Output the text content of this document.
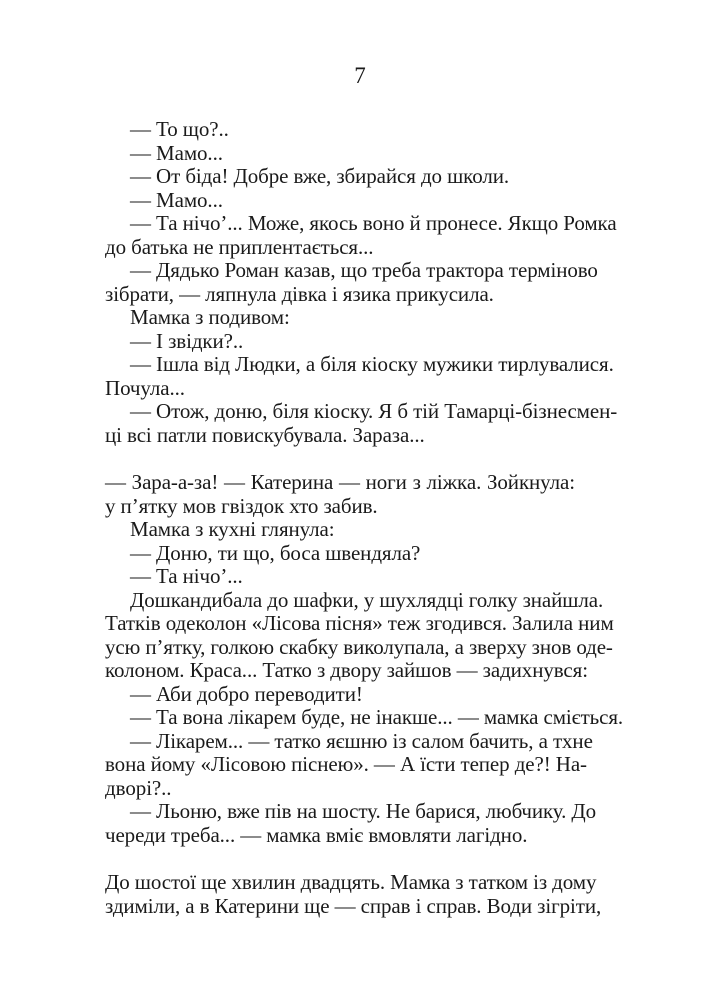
7
— То що?..
— Мамо...
— От біда! Добре вже, збирайся до школи.
— Мамо...
— Та нічо’... Може, якось воно й пронесе. Якщо Ромка
до батька не приплентається...
— Дядько Роман казав, що треба трактора терміново
зібрати, — ляпнула дівка і язика прикусила.
Мамка з подивом:
— І звідки?..
— Ішла від Людки, а біля кіоску мужики тирлувалися.
Почула...
— Отож, доню, біля кіоску. Я б тій Тамарці-бізнесмен-
ці всі патли повискубувала. Зараза...
— Зара-а-за! — Катерина — ноги з ліжка. Зойкнула:
у п’ятку мов гвіздок хто забив.
Мамка з кухні глянула:
— Доню, ти що, боса швендяла?
— Та нічо’...
Дошкандибала до шафки, у шухлядці голку знайшла.
Татків одеколон «Лісова пісня» теж згодився. Залила ним
усю п’ятку, голкою скабку виколупала, а зверху знов оде-
колоном. Краса... Татко з двору зайшов — задихнувся:
— Аби добро переводити!
— Та вона лікарем буде, не інакше... — мамка сміється.
— Лікарем... — татко яєшню із салом бачить, а тхне
вона йому «Лісовою піснею». — А їсти тепер де?! На-
двoрі?..
— Льоню, вже пів на шосту. Не барися, любчику. До
череди треба... — мамка вміє вмовляти лагідно.
До шостої ще хвилин двадцять. Мамка з татком із дому
здиміли, а в Катерини ще — справ і справ. Води зігріти,
